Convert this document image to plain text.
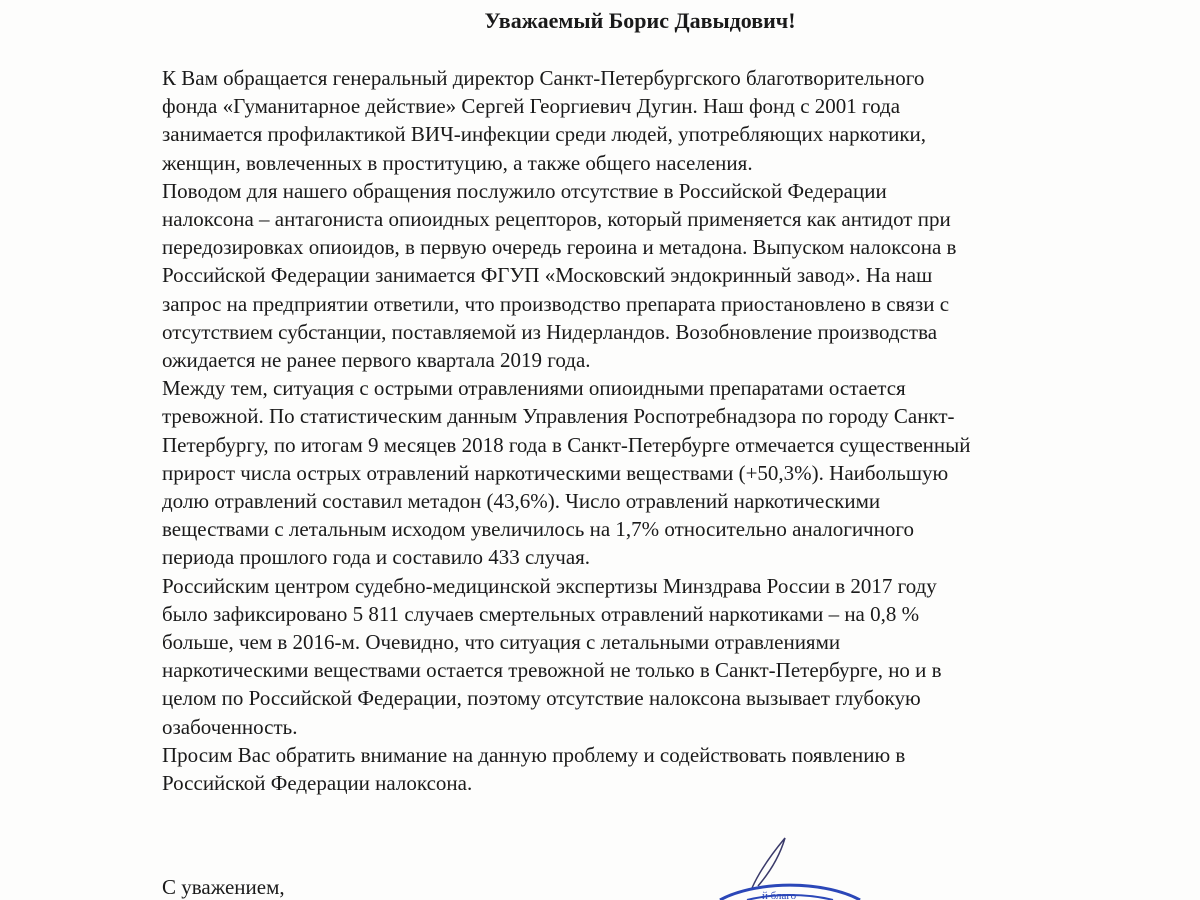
Уважаемый Борис Давыдович!
К Вам обращается генеральный директор Санкт-Петербургского благотворительного
фонда «Гуманитарное действие» Сергей Георгиевич Дугин. Наш фонд с 2001 года
занимается профилактикой ВИЧ-инфекции среди людей, употребляющих наркотики,
женщин, вовлеченных в проституцию, а также общего населения.
Поводом для нашего обращения послужило отсутствие в Российской Федерации
налоксона – антагониста опиоидных рецепторов, который применяется как антидот при
передозировках опиоидов, в первую очередь героина и метадона. Выпуском налоксона в
Российской Федерации занимается ФГУП «Московский эндокринный завод». На наш
запрос на предприятии ответили, что производство препарата приостановлено в связи с
отсутствием субстанции, поставляемой из Нидерландов. Возобновление производства
ожидается не ранее первого квартала 2019 года.
Между тем, ситуация с острыми отравлениями опиоидными препаратами остается
тревожной. По статистическим данным Управления Роспотребнадзора по городу Санкт-
Петербургу, по итогам 9 месяцев 2018 года в Санкт-Петербурге отмечается существенный
прирост числа острых отравлений наркотическими веществами (+50,3%). Наибольшую
долю отравлений составил метадон (43,6%). Число отравлений наркотическими
веществами с летальным исходом увеличилось на 1,7% относительно аналогичного
периода прошлого года и составило 433 случая.
Российским центром судебно-медицинской экспертизы Минздрава России в 2017 году
было зафиксировано 5 811 случаев смертельных отравлений наркотиками – на 0,8 %
больше, чем в 2016-м. Очевидно, что ситуация с летальными отравлениями
наркотическими веществами остается тревожной не только в Санкт-Петербурге, но и в
целом по Российской Федерации, поэтому отсутствие налоксона вызывает глубокую
озабоченность.
Просим Вас обратить внимание на данную проблему и содействовать появлению в
Российской Федерации налоксона.
С уважением,	й благо
